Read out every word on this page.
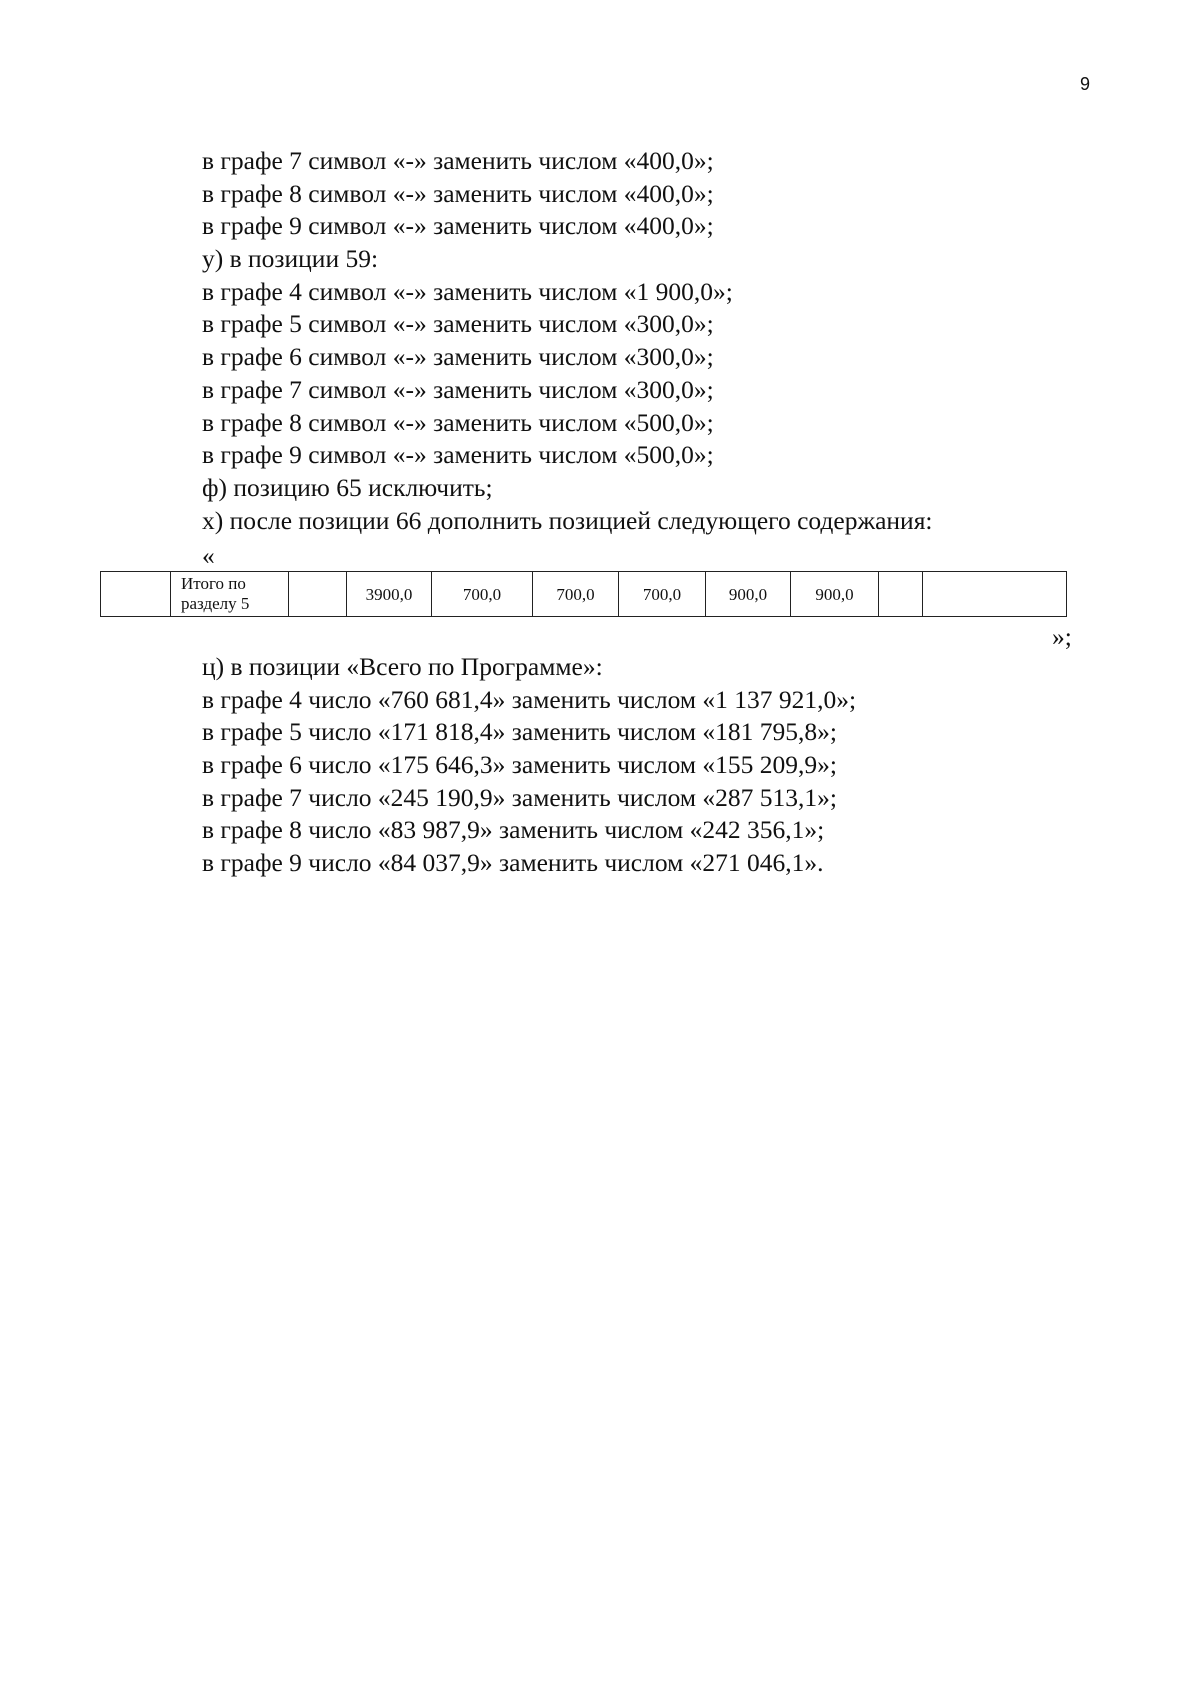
9
в графе 7 символ «-» заменить числом «400,0»;
в графе 8 символ «-» заменить числом «400,0»;
в графе 9 символ «-» заменить числом «400,0»;
у) в позиции 59:
в графе 4 символ «-» заменить числом «1 900,0»;
в графе 5 символ «-» заменить числом «300,0»;
в графе 6 символ «-» заменить числом «300,0»;
в графе 7 символ «-» заменить числом «300,0»;
в графе 8 символ «-» заменить числом «500,0»;
в графе 9 символ «-» заменить числом «500,0»;
ф) позицию 65 исключить;
х) после позиции 66 дополнить позицией следующего содержания:
«
	Итого по разделу 5		3900,0	700,0	700,0	700,0	900,0	900,0		
»;
ц) в позиции «Всего по Программе»:
в графе 4 число «760 681,4» заменить числом «1 137 921,0»;
в графе 5 число «171 818,4» заменить числом «181 795,8»;
в графе 6 число «175 646,3» заменить числом «155 209,9»;
в графе 7 число «245 190,9» заменить числом «287 513,1»;
в графе 8 число «83 987,9» заменить числом «242 356,1»;
в графе 9 число «84 037,9» заменить числом «271 046,1».
